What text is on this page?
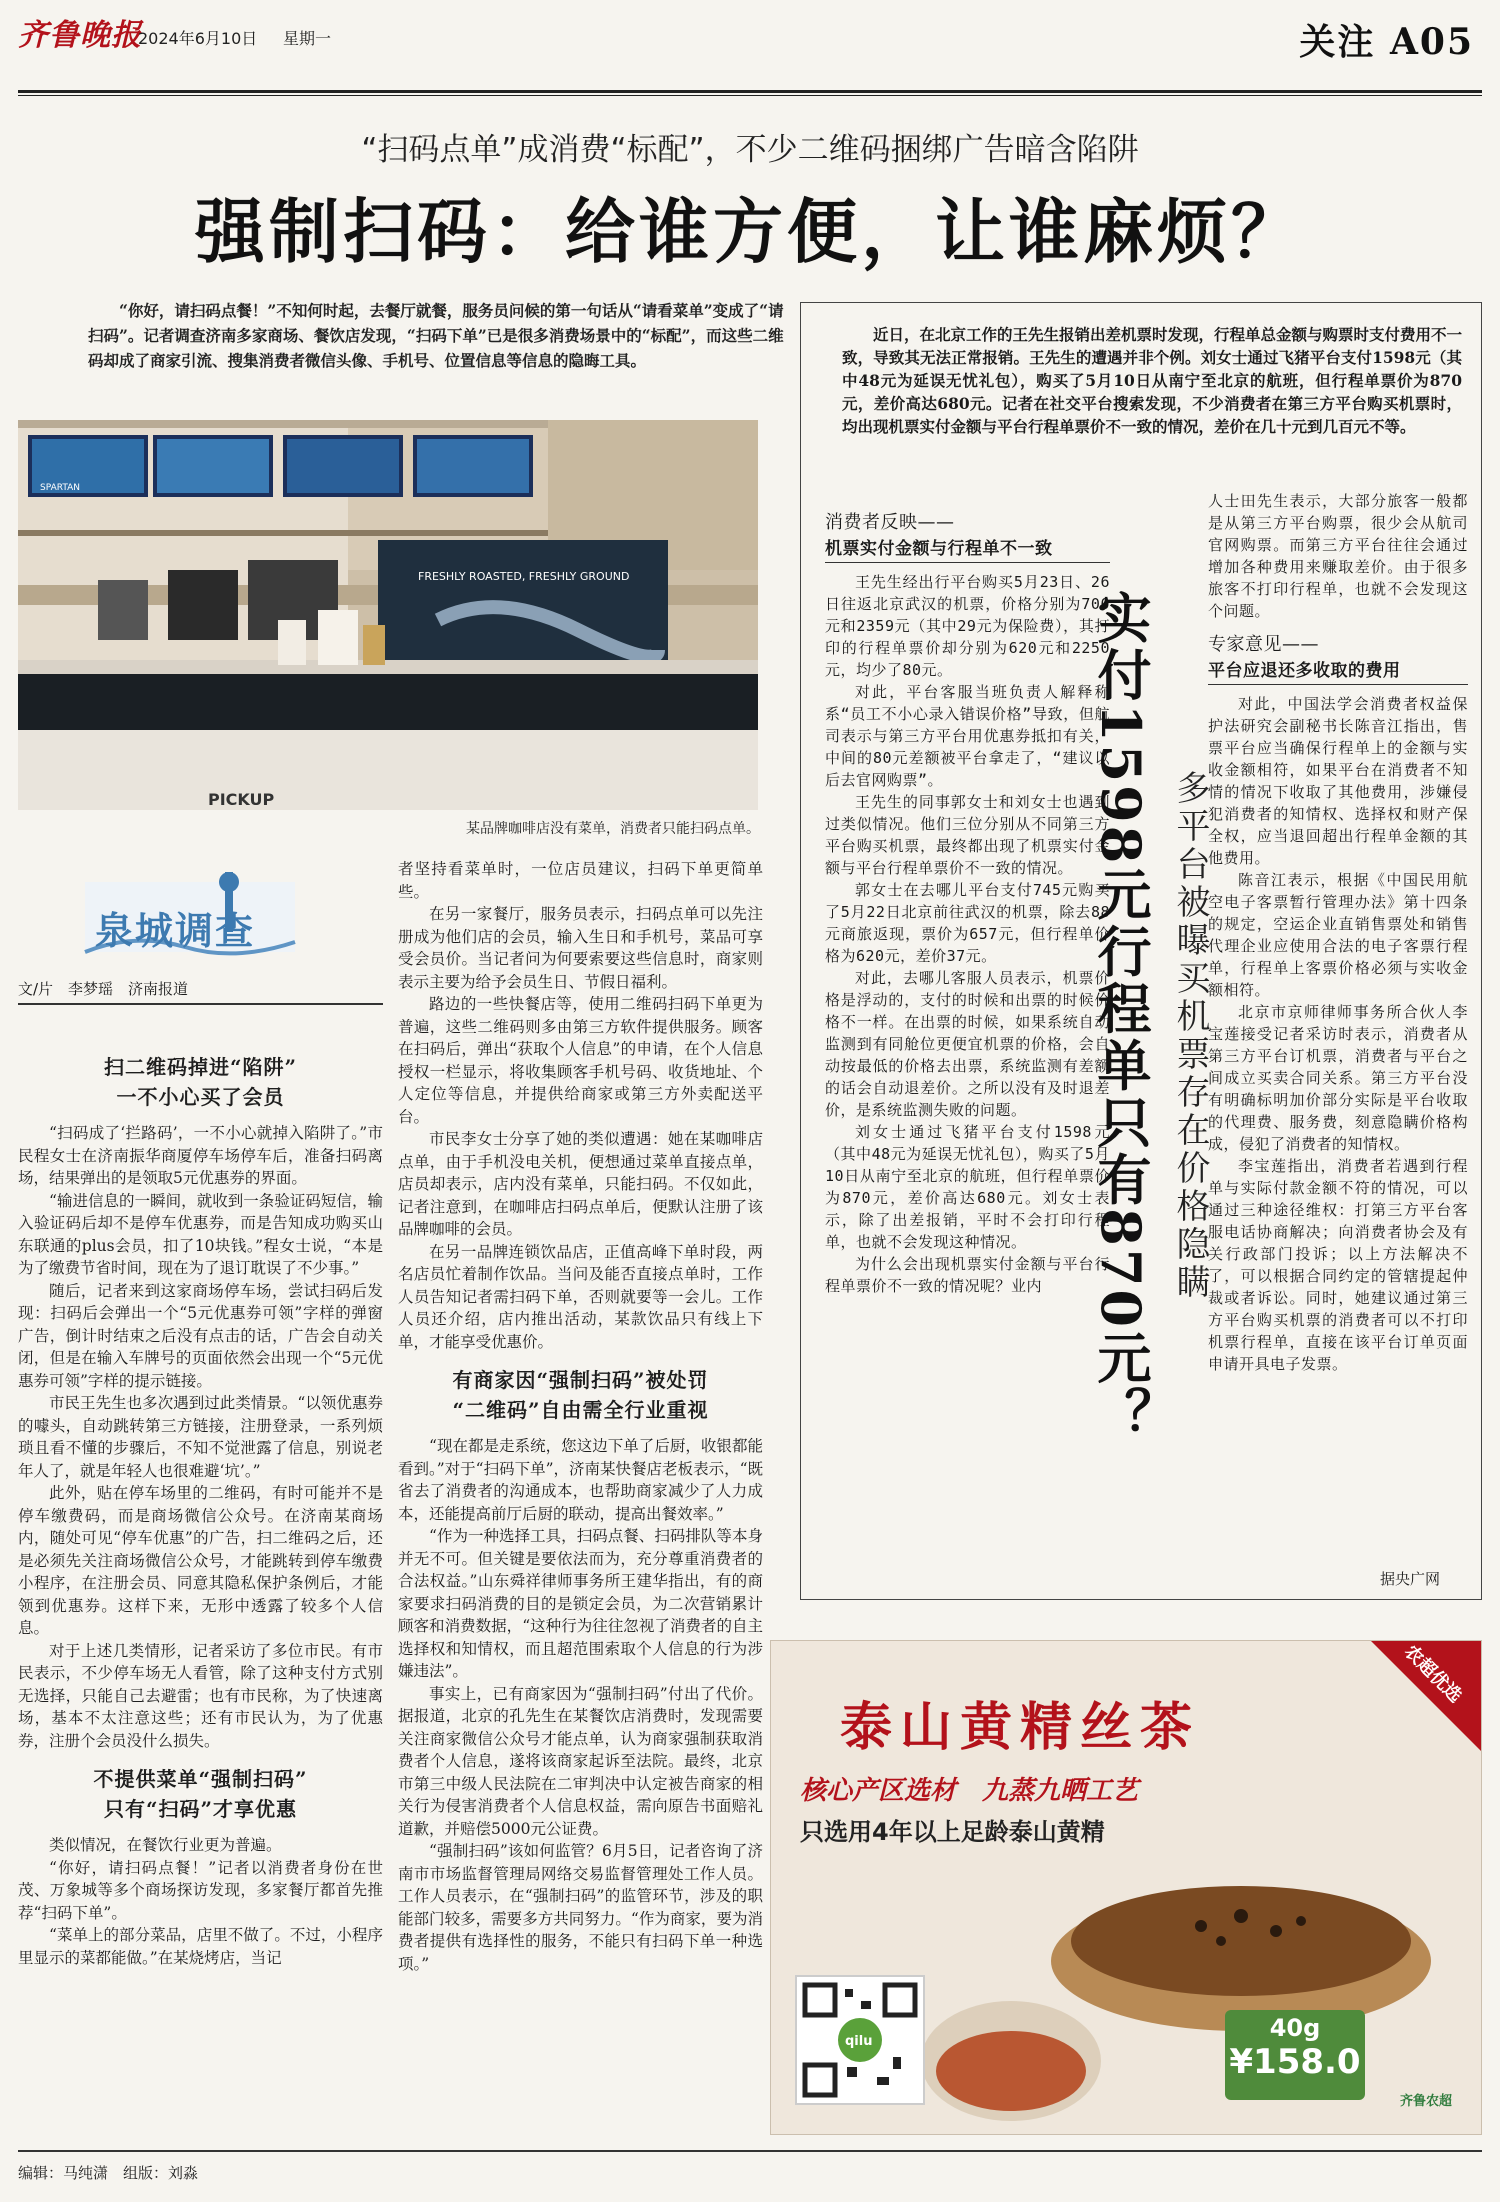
齐鲁晚报
2024年6月10日 星期一	关注 A05
“扫码点单”成消费“标配”，不少二维码捆绑广告暗含陷阱
强制扫码：给谁方便，让谁麻烦？
“你好，请扫码点餐！”不知何时起，去餐厅就餐，服务员问候的第一句话从“请看菜单”变成了“请扫码”。记者调查济南多家商场、餐饮店发现，“扫码下单”已是很多消费场景中的“标配”，而这些二维码却成了商家引流、搜集消费者微信头像、手机号、位置信息等信息的隐晦工具。
SPARTAN
FRESHLY ROASTED, FRESHLY GROUND
PICKUP
某品牌咖啡店没有菜单，消费者只能扫码点单。
泉城调查
文/片　李梦瑶　济南报道
扫二维码掉进“陷阱”
一不小心买了会员

“扫码成了‘拦路码’，一不小心就掉入陷阱了。”市民程女士在济南振华商厦停车场停车后，准备扫码离场，结果弹出的是领取5元优惠券的界面。

“输进信息的一瞬间，就收到一条验证码短信，输入验证码后却不是停车优惠券，而是告知成功购买山东联通的plus会员，扣了10块钱。”程女士说，“本是为了缴费节省时间，现在为了退订耽误了不少事。”

随后，记者来到这家商场停车场，尝试扫码后发现：扫码后会弹出一个“5元优惠券可领”字样的弹窗广告，倒计时结束之后没有点击的话，广告会自动关闭，但是在输入车牌号的页面依然会出现一个“5元优惠券可领”字样的提示链接。

市民王先生也多次遇到过此类情景。“以领优惠券的噱头，自动跳转第三方链接，注册登录，一系列烦琐且看不懂的步骤后，不知不觉泄露了信息，别说老年人了，就是年轻人也很难避‘坑’。”

此外，贴在停车场里的二维码，有时可能并不是停车缴费码，而是商场微信公众号。在济南某商场内，随处可见“停车优惠”的广告，扫二维码之后，还是必须先关注商场微信公众号，才能跳转到停车缴费小程序，在注册会员、同意其隐私保护条例后，才能领到优惠券。这样下来，无形中透露了较多个人信息。

对于上述几类情形，记者采访了多位市民。有市民表示，不少停车场无人看管，除了这种支付方式别无选择，只能自己去避雷；也有市民称，为了快速离场，基本不太注意这些；还有市民认为，为了优惠券，注册个会员没什么损失。

不提供菜单“强制扫码”
只有“扫码”才享优惠

类似情况，在餐饮行业更为普遍。

“你好，请扫码点餐！”记者以消费者身份在世茂、万象城等多个商场探访发现，多家餐厅都首先推荐“扫码下单”。

“菜单上的部分菜品，店里不做了。不过，小程序里显示的菜都能做。”在某烧烤店，当记

者坚持看菜单时，一位店员建议，扫码下单更简单些。

在另一家餐厅，服务员表示，扫码点单可以先注册成为他们店的会员，输入生日和手机号，菜品可享受会员价。当记者问为何要索要这些信息时，商家则表示主要为给予会员生日、节假日福利。

路边的一些快餐店等，使用二维码扫码下单更为普遍，这些二维码则多由第三方软件提供服务。顾客在扫码后，弹出“获取个人信息”的申请，在个人信息授权一栏显示，将收集顾客手机号码、收货地址、个人定位等信息，并提供给商家或第三方外卖配送平台。

市民李女士分享了她的类似遭遇：她在某咖啡店点单，由于手机没电关机，便想通过菜单直接点单，店员却表示，店内没有菜单，只能扫码。不仅如此，记者注意到，在咖啡店扫码点单后，便默认注册了该品牌咖啡的会员。

在另一品牌连锁饮品店，正值高峰下单时段，两名店员忙着制作饮品。当问及能否直接点单时，工作人员告知记者需扫码下单，否则就要等一会儿。工作人员还介绍，店内推出活动，某款饮品只有线上下单，才能享受优惠价。

有商家因“强制扫码”被处罚
“二维码”自由需全行业重视

“现在都是走系统，您这边下单了后厨，收银都能看到。”对于“扫码下单”，济南某快餐店老板表示，“既省去了消费者的沟通成本，也帮助商家减少了人力成本，还能提高前厅后厨的联动，提高出餐效率。”

“作为一种选择工具，扫码点餐、扫码排队等本身并无不可。但关键是要依法而为，充分尊重消费者的合法权益。”山东舜祥律师事务所王建华指出，有的商家要求扫码消费的目的是锁定会员，为二次营销累计顾客和消费数据，“这种行为往往忽视了消费者的自主选择权和知情权，而且超范围索取个人信息的行为涉嫌违法”。

事实上，已有商家因为“强制扫码”付出了代价。据报道，北京的孔先生在某餐饮店消费时，发现需要关注商家微信公众号才能点单，认为商家强制获取消费者个人信息，遂将该商家起诉至法院。最终，北京市第三中级人民法院在二审判决中认定被告商家的相关行为侵害消费者个人信息权益，需向原告书面赔礼道歉，并赔偿5000元公证费。

“强制扫码”该如何监管？6月5日，记者咨询了济南市市场监督管理局网络交易监督管理处工作人员。工作人员表示，在“强制扫码”的监管环节，涉及的职能部门较多，需要多方共同努力。“作为商家，要为消费者提供有选择性的服务，不能只有扫码下单一种选项。”

近日，在北京工作的王先生报销出差机票时发现，行程单总金额与购票时支付费用不一致，导致其无法正常报销。王先生的遭遇并非个例。刘女士通过飞猪平台支付1598元（其中48元为延误无忧礼包），购买了5月10日从南宁至北京的航班，但行程单票价为870元，差价高达680元。记者在社交平台搜索发现，不少消费者在第三方平台购买机票时，均出现机票实付金额与平台行程单票价不一致的情况，差价在几十元到几百元不等。

消费者反映——

机票实付金额与行程单不一致

王先生经出行平台购买5月23日、26日往返北京武汉的机票，价格分别为700元和2359元（其中29元为保险费），其打印的行程单票价却分别为620元和2250元，均少了80元。

对此，平台客服当班负责人解释称系“员工不小心录入错误价格”导致，但航司表示与第三方平台用优惠券抵扣有关，中间的80元差额被平台拿走了，“建议以后去官网购票”。

王先生的同事郭女士和刘女士也遇到过类似情况。他们三位分别从不同第三方平台购买机票，最终都出现了机票实付金额与平台行程单票价不一致的情况。

郭女士在去哪儿平台支付745元购买了5月22日北京前往武汉的机票，除去88元商旅返现，票价为657元，但行程单价格为620元，差价37元。

对此，去哪儿客服人员表示，机票价格是浮动的，支付的时候和出票的时候价格不一样。在出票的时候，如果系统自动监测到有同舱位更便宜机票的价格，会自动按最低的价格去出票，系统监测有差额的话会自动退差价。之所以没有及时退差价，是系统监测失败的问题。

刘女士通过飞猪平台支付1598元（其中48元为延误无忧礼包），购买了5月10日从南宁至北京的航班，但行程单票价为870元，差价高达680元。刘女士表示，除了出差报销，平时不会打印行程单，也就不会发现这种情况。

为什么会出现机票实付金额与平台行程单票价不一致的情况呢？业内 实付1598元行程单只有870元？ 多平台被曝买机票存在价格隐瞒

人士田先生表示，大部分旅客一般都是从第三方平台购票，很少会从航司官网购票。而第三方平台往往会通过增加各种费用来赚取差价。由于很多旅客不打印行程单，也就不会发现这个问题。

专家意见——

平台应退还多收取的费用

对此，中国法学会消费者权益保护法研究会副秘书长陈音江指出，售票平台应当确保行程单上的金额与实收金额相符，如果平台在消费者不知情的情况下收取了其他费用，涉嫌侵犯消费者的知情权、选择权和财产保全权，应当退回超出行程单金额的其他费用。

陈音江表示，根据《中国民用航空电子客票暂行管理办法》第十四条的规定，空运企业直销售票处和销售代理企业应使用合法的电子客票行程单，行程单上客票价格必须与实收金额相符。

北京市京师律师事务所合伙人李宝莲接受记者采访时表示，消费者从第三方平台订机票，消费者与平台之间成立买卖合同关系。第三方平台没有明确标明加价部分实际是平台收取的代理费、服务费，刻意隐瞒价格构成，侵犯了消费者的知情权。

李宝莲指出，消费者若遇到行程单与实际付款金额不符的情况，可以通过三种途径维权：打第三方平台客服电话协商解决；向消费者协会及有关行政部门投诉；以上方法解决不了，可以根据合同约定的管辖提起仲裁或者诉讼。同时，她建议通过第三方平台购买机票的消费者可以不打印机票行程单，直接在该平台订单页面申请开具电子发票。

据央广网
泰山黄精丝茶
核心产区选材　九蒸九晒工艺
只选用4年以上足龄泰山黄精
农超优选
qilu	40g
¥158.0
齐鲁农超
编辑：马纯潇　组版：刘淼
